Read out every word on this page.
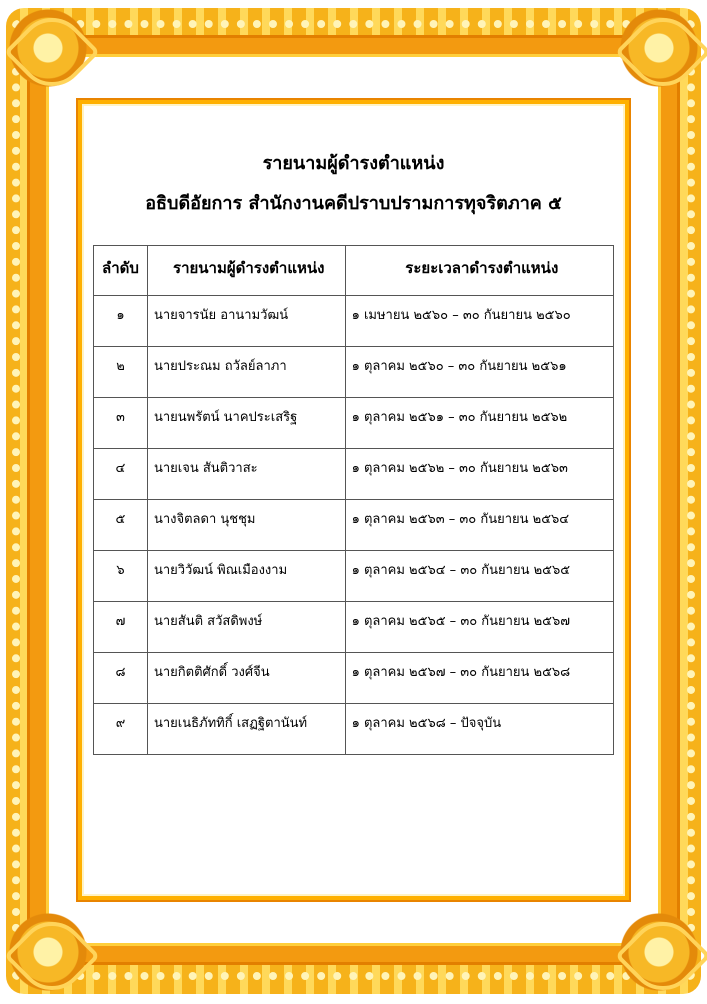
รายนามผู้ดำรงตำแหน่ง
อธิบดีอัยการ สำนักงานคดีปราบปรามการทุจริตภาค ๕
ลำดับ	รายนามผู้ดำรงตำแหน่ง	ระยะเวลาดำรงตำแหน่ง
๑	นายจารนัย อานามวัฒน์	๑ เมษายน ๒๕๖๐ – ๓๐ กันยายน ๒๕๖๐
๒	นายประณม ถวัลย์ลาภา	๑ ตุลาคม ๒๕๖๐ – ๓๐ กันยายน ๒๕๖๑
๓	นายนพรัตน์ นาคประเสริฐ	๑ ตุลาคม ๒๕๖๑ – ๓๐ กันยายน ๒๕๖๒
๔	นายเจน สันติวาสะ	๑ ตุลาคม ๒๕๖๒ – ๓๐ กันยายน ๒๕๖๓
๕	นางจิตลดา นุชชุม	๑ ตุลาคม ๒๕๖๓ – ๓๐ กันยายน ๒๕๖๔
๖	นายวิวัฒน์ พิณเมืองงาม	๑ ตุลาคม ๒๕๖๔ – ๓๐ กันยายน ๒๕๖๕
๗	นายสันติ สวัสดิพงษ์	๑ ตุลาคม ๒๕๖๕ – ๓๐ กันยายน ๒๕๖๗
๘	นายกิตติศักดิ์ วงศ์จีน	๑ ตุลาคม ๒๕๖๗ – ๓๐ กันยายน ๒๕๖๘
๙	นายเนธิภัททิกิ์ เสฏฐิตานันท์	๑ ตุลาคม ๒๕๖๘ – ปัจจุบัน
